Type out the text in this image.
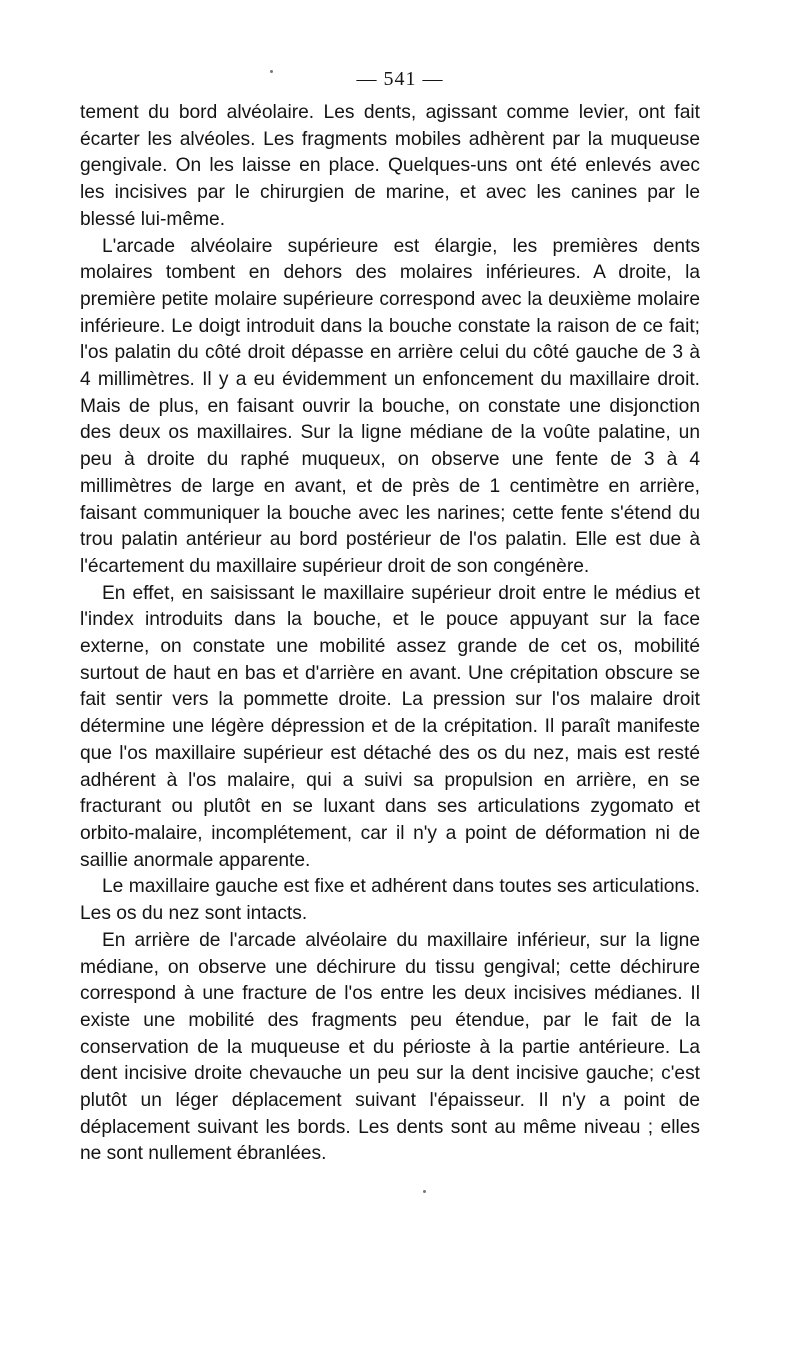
— 541 —

tement du bord alvéolaire. Les dents, agissant comme levier, ont fait écarter les alvéoles. Les fragments mobiles adhèrent par la muqueuse gengivale. On les laisse en place. Quelques-uns ont été enlevés avec les incisives par le chirurgien de marine, et avec les canines par le blessé lui-même.

L'arcade alvéolaire supérieure est élargie, les premières dents molaires tombent en dehors des molaires inférieures. A droite, la première petite molaire supérieure correspond avec la deuxième molaire inférieure. Le doigt introduit dans la bouche constate la raison de ce fait; l'os palatin du côté droit dépasse en arrière celui du côté gauche de 3 à 4 millimètres. Il y a eu évidemment un enfoncement du maxillaire droit. Mais de plus, en faisant ouvrir la bouche, on constate une disjonction des deux os maxillaires. Sur la ligne médiane de la voûte palatine, un peu à droite du raphé muqueux, on observe une fente de 3 à 4 millimètres de large en avant, et de près de 1 centimètre en arrière, faisant communiquer la bouche avec les narines; cette fente s'étend du trou palatin antérieur au bord postérieur de l'os palatin. Elle est due à l'écartement du maxillaire supérieur droit de son congénère.

En effet, en saisissant le maxillaire supérieur droit entre le médius et l'index introduits dans la bouche, et le pouce appuyant sur la face externe, on constate une mobilité assez grande de cet os, mobilité surtout de haut en bas et d'arrière en avant. Une crépitation obscure se fait sentir vers la pommette droite. La pression sur l'os malaire droit détermine une légère dépression et de la crépitation. Il paraît manifeste que l'os maxillaire supérieur est détaché des os du nez, mais est resté adhérent à l'os malaire, qui a suivi sa propulsion en arrière, en se fracturant ou plutôt en se luxant dans ses articulations zygomato et orbito-malaire, incomplétement, car il n'y a point de déformation ni de saillie anormale apparente.

Le maxillaire gauche est fixe et adhérent dans toutes ses articulations. Les os du nez sont intacts.

En arrière de l'arcade alvéolaire du maxillaire inférieur, sur la ligne médiane, on observe une déchirure du tissu gengival; cette déchirure correspond à une fracture de l'os entre les deux incisives médianes. Il existe une mobilité des fragments peu étendue, par le fait de la conservation de la muqueuse et du périoste à la partie antérieure. La dent incisive droite chevauche un peu sur la dent incisive gauche; c'est plutôt un léger déplacement suivant l'épaisseur. Il n'y a point de déplacement suivant les bords. Les dents sont au même niveau ; elles ne sont nullement ébranlées.
